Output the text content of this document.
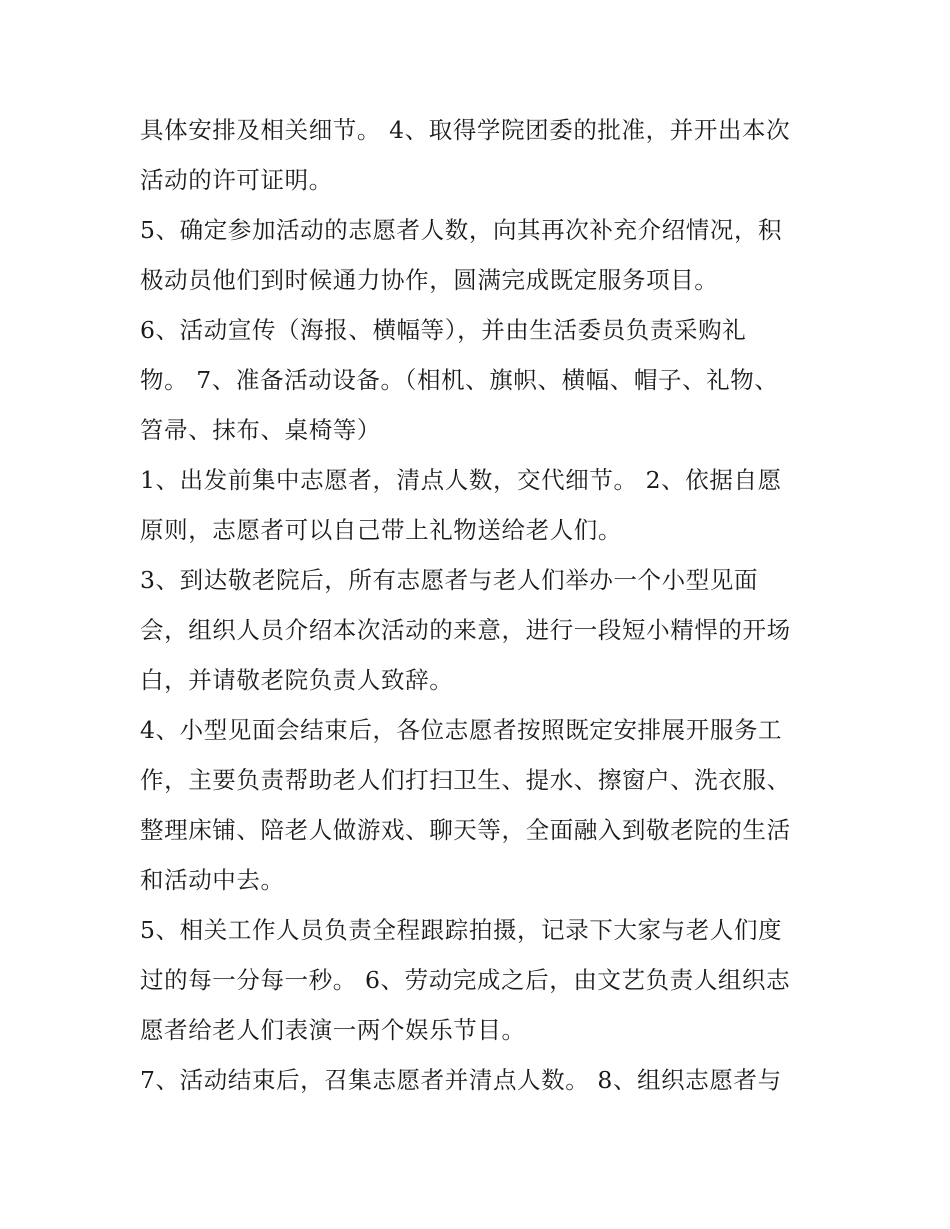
具体安排及相关细节。 4、取得学院团委的批准，并开出本次
活动的许可证明。
5、确定参加活动的志愿者人数，向其再次补充介绍情况，积
极动员他们到时候通力协作，圆满完成既定服务项目。
6、活动宣传（海报、横幅等），并由生活委员负责采购礼
物。 7、准备活动设备。（相机、旗帜、横幅、帽子、礼物、
笤帚、抹布、桌椅等）
1、出发前集中志愿者，清点人数，交代细节。 2、依据自愿
原则，志愿者可以自己带上礼物送给老人们。
3、到达敬老院后，所有志愿者与老人们举办一个小型见面
会，组织人员介绍本次活动的来意，进行一段短小精悍的开场
白，并请敬老院负责人致辞。
4、小型见面会结束后，各位志愿者按照既定安排展开服务工
作，主要负责帮助老人们打扫卫生、提水、擦窗户、洗衣服、
整理床铺、陪老人做游戏、聊天等，全面融入到敬老院的生活
和活动中去。
5、相关工作人员负责全程跟踪拍摄，记录下大家与老人们度
过的每一分每一秒。 6、劳动完成之后，由文艺负责人组织志
愿者给老人们表演一两个娱乐节目。
7、活动结束后，召集志愿者并清点人数。 8、组织志愿者与
